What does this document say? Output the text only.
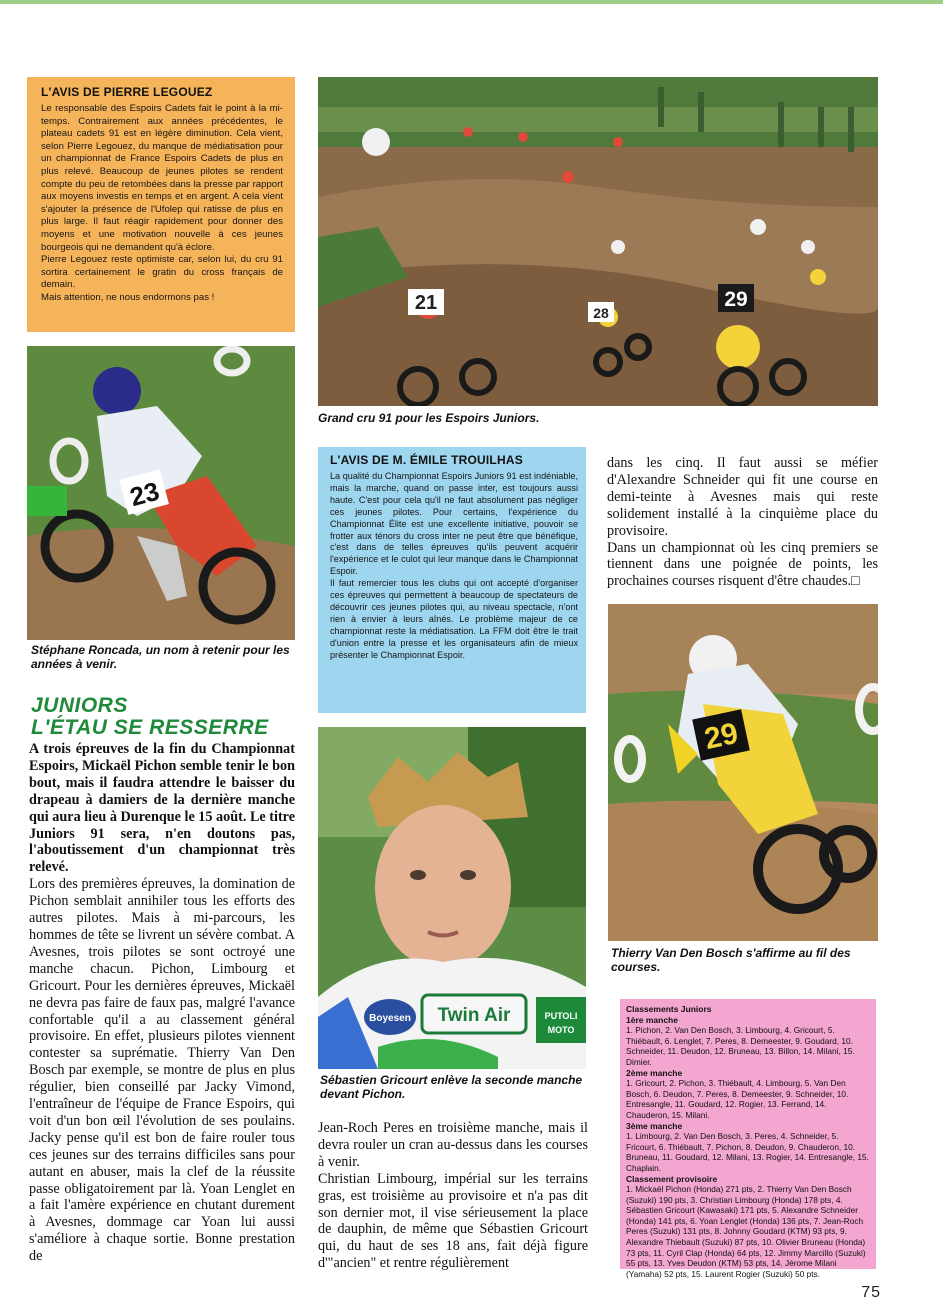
L'AVIS DE PIERRE LEGOUEZ

Le responsable des Espoirs Cadets fait le point à la mi-temps. Contrairement aux années précédentes, le plateau cadets 91 est en légère diminution. Cela vient, selon Pierre Legouez, du manque de médiatisation pour un championnat de France Espoirs Cadets de plus en plus relevé. Beaucoup de jeunes pilotes se rendent compte du peu de retombées dans la presse par rapport aux moyens investis en temps et en argent. A cela vient s'ajouter la présence de l'Ufolep qui ratisse de plus en plus large. Il faut réagir rapidement pour donner des moyens et une motivation nouvelle à ces jeunes bourgeois qui ne demandent qu'à éclore.

Pierre Legouez reste optimiste car, selon lui, du cru 91 sortira certainement le gratin du cross français de demain.

Mais attention, ne nous endormons pas !	21	29
28
Grand cru 91 pour les Espoirs Juniors.
23
Stéphane Roncada, un nom à retenir pour les années à venir.
JUNIORS
L'ÉTAU SE RESSERRE

A trois épreuves de la fin du Championnat Espoirs, Mickaël Pichon semble tenir le bon bout, mais il faudra attendre le baisser du drapeau à damiers de la dernière manche qui aura lieu à Durenque le 15 août. Le titre Juniors 91 sera, n'en doutons pas, l'aboutissement d'un championnat très relevé.

Lors des premières épreuves, la domination de Pichon semblait annihiler tous les efforts des autres pilotes. Mais à mi-parcours, les hommes de tête se livrent un sévère combat. A Avesnes, trois pilotes se sont octroyé une manche chacun. Pichon, Limbourg et Gricourt. Pour les dernières épreuves, Mickaël ne devra pas faire de faux pas, malgré l'avance confortable qu'il a au classement général provisoire. En effet, plusieurs pilotes viennent contester sa suprématie. Thierry Van Den Bosch par exemple, se montre de plus en plus régulier, bien conseillé par Jacky Vimond, l'entraîneur de l'équipe de France Espoirs, qui voit d'un bon œil l'évolution de ses poulains. Jacky pense qu'il est bon de faire rouler tous ces jeunes sur des terrains difficiles sans pour autant en abuser, mais la clef de la réussite passe obligatoirement par là. Yoan Lenglet en a fait l'amère expérience en chutant durement à Avesnes, dommage car Yoan lui aussi s'améliore à chaque sortie. Bonne prestation de

L'AVIS DE M. ÉMILE TROUILHAS

La qualité du Championnat Espoirs Juniors 91 est indéniable, mais la marche, quand on passe inter, est toujours aussi haute. C'est pour cela qu'il ne faut absolument pas négliger ces jeunes pilotes. Pour certains, l'expérience du Championnat Élite est une excellente initiative, pouvoir se frotter aux ténors du cross inter ne peut être que bénéfique, c'est dans de telles épreuves qu'ils peuvent acquérir l'expérience et le culot qui leur manque dans le Championnat Espoir.

Il faut remercier tous les clubs qui ont accepté d'organiser ces épreuves qui permettent à beaucoup de spectateurs de découvrir ces jeunes pilotes qui, au niveau spectacle, n'ont rien à envier à leurs aînés. Le problème majeur de ce championnat reste la médiatisation. La FFM doit être le trait d'union entre la presse et les organisateurs afin de mieux présenter le Championnat Espoir.

Twin Air
Boyesen	PUTOLI
MOTO
Sébastien Gricourt enlève la seconde manche devant Pichon.

Jean-Roch Peres en troisième manche, mais il devra rouler un cran au-dessus dans les courses à venir.

Christian Limbourg, impérial sur les terrains gras, est troisième au provisoire et n'a pas dit son dernier mot, il vise sérieusement la place de dauphin, de même que Sébastien Gricourt qui, du haut de ses 18 ans, fait déjà figure d'"ancien" et rentre régulièrement

dans les cinq. Il faut aussi se méfier d'Alexandre Schneider qui fit une course en demi-teinte à Avesnes mais qui reste solidement installé à la cinquième place du provisoire.

Dans un championnat où les cinq premiers se tiennent dans une poignée de points, les prochaines courses risquent d'être chaudes.□

29
Thierry Van Den Bosch s'affirme au fil des courses.

Classements Juniors

1ère manche

1. Pichon, 2. Van Den Bosch, 3. Limbourg, 4. Gricourt, 5. Thiébault, 6. Lenglet, 7. Peres, 8. Demeester, 9. Goudard, 10. Schneider, 11. Deudon, 12. Bruneau, 13. Billon, 14. Milani, 15. Dimier.

2ème manche

1. Gricourt, 2. Pichon, 3. Thiébault, 4. Limbourg, 5. Van Den Bosch, 6. Deudon, 7. Peres, 8. Demeester, 9. Schneider, 10. Entresangle, 11. Goudard, 12. Rogier, 13. Ferrand, 14. Chauderon, 15. Milani.

3ème manche

1. Limbourg, 2. Van Den Bosch, 3. Peres, 4. Schneider, 5. Fricourt, 6. Thiébault, 7. Pichon, 8. Deudon, 9. Chauderon, 10. Bruneau, 11. Goudard, 12. Milani, 13. Rogier, 14. Entresangle, 15. Chaplain.

Classement provisoire

1. Mickaël Pichon (Honda) 271 pts, 2. Thierry Van Den Bosch (Suzuki) 190 pts, 3. Christian Limbourg (Honda) 178 pts, 4. Sébastien Gricourt (Kawasaki) 171 pts, 5. Alexandre Schneider (Honda) 141 pts, 6. Yoan Lenglet (Honda) 136 pts, 7. Jean-Roch Peres (Suzuki) 131 pts, 8. Johnny Goudard (KTM) 93 pts, 9. Alexandre Thiebault (Suzuki) 87 pts, 10. Olivier Bruneau (Honda) 73 pts, 11. Cyril Clap (Honda) 64 pts, 12. Jimmy Marcillo (Suzuki) 55 pts, 13. Yves Deudon (KTM) 53 pts, 14. Jérome Milani (Yamaha) 52 pts, 15. Laurent Rogier (Suzuki) 50 pts.

75
